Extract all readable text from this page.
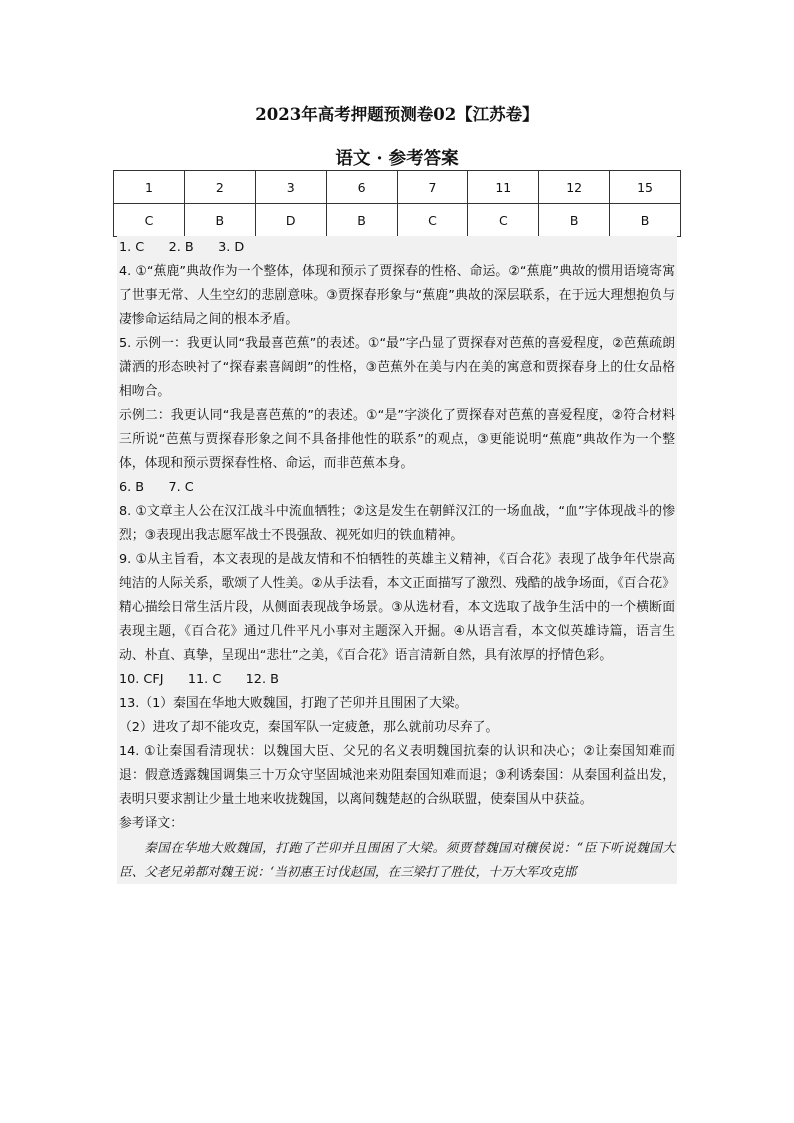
2023年高考押题预测卷02【江苏卷】
语文 · 参考答案
1	2	3	6	7	11	12	15
C	B	D	B	C	C	B	B

1. C      2. B      3. D

4. ①“蕉鹿”典故作为一个整体，体现和预示了贾探春的性格、命运。②“蕉鹿”典故的惯用语境寄寓了世事无常、人生空幻的悲剧意味。③贾探春形象与“蕉鹿”典故的深层联系，在于远大理想抱负与凄惨命运结局之间的根本矛盾。

5. 示例一：我更认同“我最喜芭蕉”的表述。①“最”字凸显了贾探春对芭蕉的喜爱程度，②芭蕉疏朗潇洒的形态映衬了“探春素喜阔朗”的性格，③芭蕉外在美与内在美的寓意和贾探春身上的仕女品格相吻合。

示例二：我更认同“我是喜芭蕉的”的表述。①“是”字淡化了贾探春对芭蕉的喜爱程度，②符合材料三所说“芭蕉与贾探春形象之间不具备排他性的联系”的观点，③更能说明“蕉鹿”典故作为一个整体，体现和预示贾探春性格、命运，而非芭蕉本身。

6. B      7. C

8. ①文章主人公在汉江战斗中流血牺牲；②这是发生在朝鲜汉江的一场血战，“血”字体现战斗的惨烈；③表现出我志愿军战士不畏强敌、视死如归的铁血精神。

9. ①从主旨看，本文表现的是战友情和不怕牺牲的英雄主义精神，《百合花》表现了战争年代崇高纯洁的人际关系，歌颂了人性美。②从手法看，本文正面描写了激烈、残酷的战争场面，《百合花》精心描绘日常生活片段，从侧面表现战争场景。③从选材看，本文选取了战争生活中的一个横断面表现主题，《百合花》通过几件平凡小事对主题深入开掘。④从语言看，本文似英雄诗篇，语言生动、朴直、真挚，呈现出“悲壮”之美，《百合花》语言清新自然，具有浓厚的抒情色彩。

10. CFJ      11. C      12. B

13.（1）秦国在华地大败魏国，打跑了芒卯并且围困了大梁。

（2）进攻了却不能攻克，秦国军队一定疲惫，那么就前功尽弃了。

14. ①让秦国看清现状：以魏国大臣、父兄的名义表明魏国抗秦的认识和决心；②让秦国知难而退：假意透露魏国调集三十万众守坚固城池来劝阻秦国知难而退；③利诱秦国：从秦国利益出发，表明只要求割让少量土地来收拢魏国，以离间魏楚赵的合纵联盟，使秦国从中获益。

参考译文：

秦国在华地大败魏国，打跑了芒卯并且围困了大梁。须贾替魏国对穰侯说：“臣下听说魏国大臣、父老兄弟都对魏王说：‘当初惠王讨伐赵国，在三梁打了胜仗，十万大军攻克邯
